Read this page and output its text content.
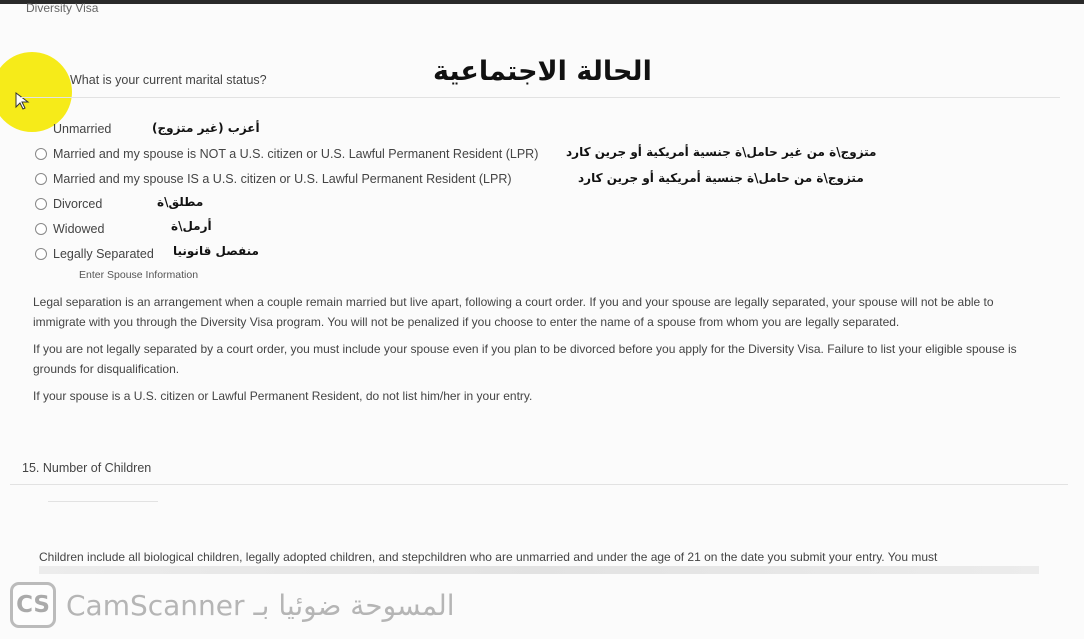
Diversity Visa
What is your current marital status?	الحالة الاجتماعية
Unmarried	أعزب (غير متزوج)
Married and my spouse is NOT a U.S. citizen or U.S. Lawful Permanent Resident (LPR) متزوج\ة من غير حامل\ة جنسية أمريكية أو جرين كارد
Married and my spouse IS a U.S. citizen or U.S. Lawful Permanent Resident (LPR)	متزوج\ة من حامل\ة جنسية أمريكية أو جرين كارد
Divorced	مطلق\ة
Widowed	أرمل\ة
Legally Separated منفصل قانونيا
Enter Spouse Information
Legal separation is an arrangement when a couple remain married but live apart, following a court order. If you and your spouse are legally separated, your spouse will not be able to immigrate with you through the Diversity Visa program. You will not be penalized if you choose to enter the name of a spouse from whom you are legally separated.
If you are not legally separated by a court order, you must include your spouse even if you plan to be divorced before you apply for the Diversity Visa. Failure to list your eligible spouse is grounds for disqualification.
If your spouse is a U.S. citizen or Lawful Permanent Resident, do not list him/her in your entry.
15. Number of Children
Children include all biological children, legally adopted children, and stepchildren who are unmarried and under the age of 21 on the date you submit your entry. You must
CS CamScanner المسوحة ضوئيا بـ
